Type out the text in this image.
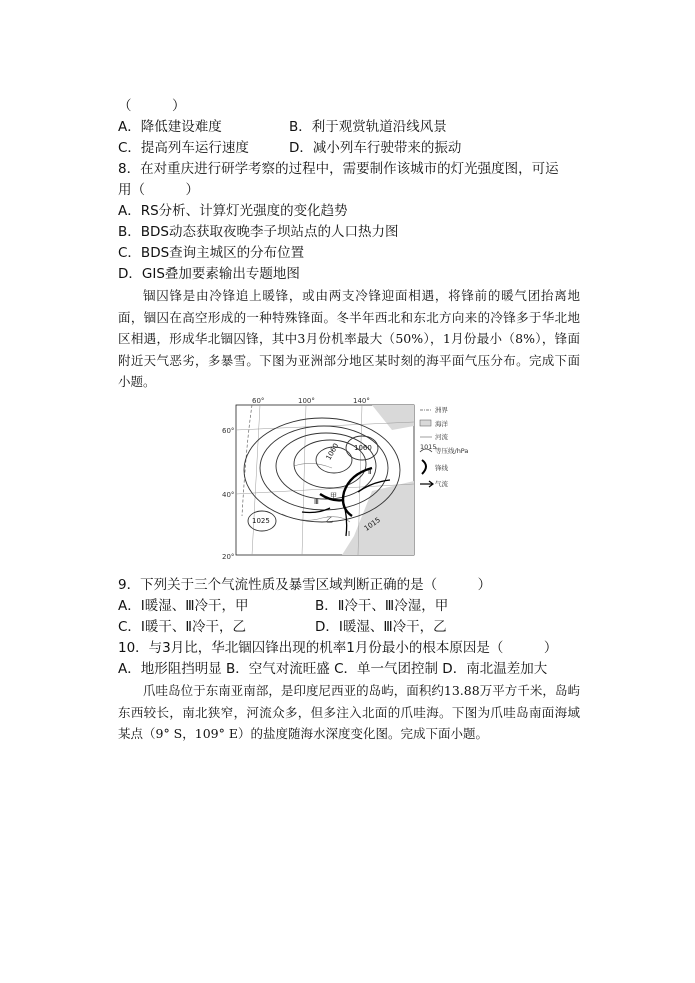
（　　　）
A．降低建设难度	B．利于观赏轨道沿线风景
C．提高列车运行速度	D．减小列车行驶带来的振动
8．在对重庆进行研学考察的过程中，需要制作该城市的灯光强度图，可运
用（　　　）
A．RS分析、计算灯光强度的变化趋势
B．BDS动态获取夜晚李子坝站点的人口热力图
C．BDS查询主城区的分布位置
D．GIS叠加要素输出专题地图
锢囚锋是由冷锋追上暖锋，或由两支冷锋迎面相遇，将锋前的暖气团抬离地面，锢囚在高空形成的一种特殊锋面。冬半年西北和东北方向来的冷锋多于华北地区相遇，形成华北锢囚锋，其中3月份机率最大（50%），1月份最小（8%），锋面附近天气恶劣，多暴雪。下图为亚洲部分地区某时刻的海平面气压分布。完成下面小题。
60°	100°	140°
60°
40°
20°
1060 1060
1025	1015
Ⅰ
Ⅱ
Ⅲ
甲
乙
洲界
海洋
河流
1015
等压线/hPa
锋线
气流
9．下列关于三个气流性质及暴雪区域判断正确的是（　　　）
A．Ⅰ暖湿、Ⅲ冷干，甲	B．Ⅱ冷干、Ⅲ冷湿，甲
C．Ⅰ暖干、Ⅱ冷干，乙	D．Ⅰ暖湿、Ⅲ冷干，乙
10．与3月比，华北锢囚锋出现的机率1月份最小的根本原因是（　　　）
A．地形阻挡明显 B．空气对流旺盛 C．单一气团控制 D．南北温差加大
爪哇岛位于东南亚南部，是印度尼西亚的岛屿，面积约13.88万平方千米，岛屿东西较长，南北狭窄，河流众多，但多注入北面的爪哇海。下图为爪哇岛南面海域某点（9° S，109° E）的盐度随海水深度变化图。完成下面小题。
